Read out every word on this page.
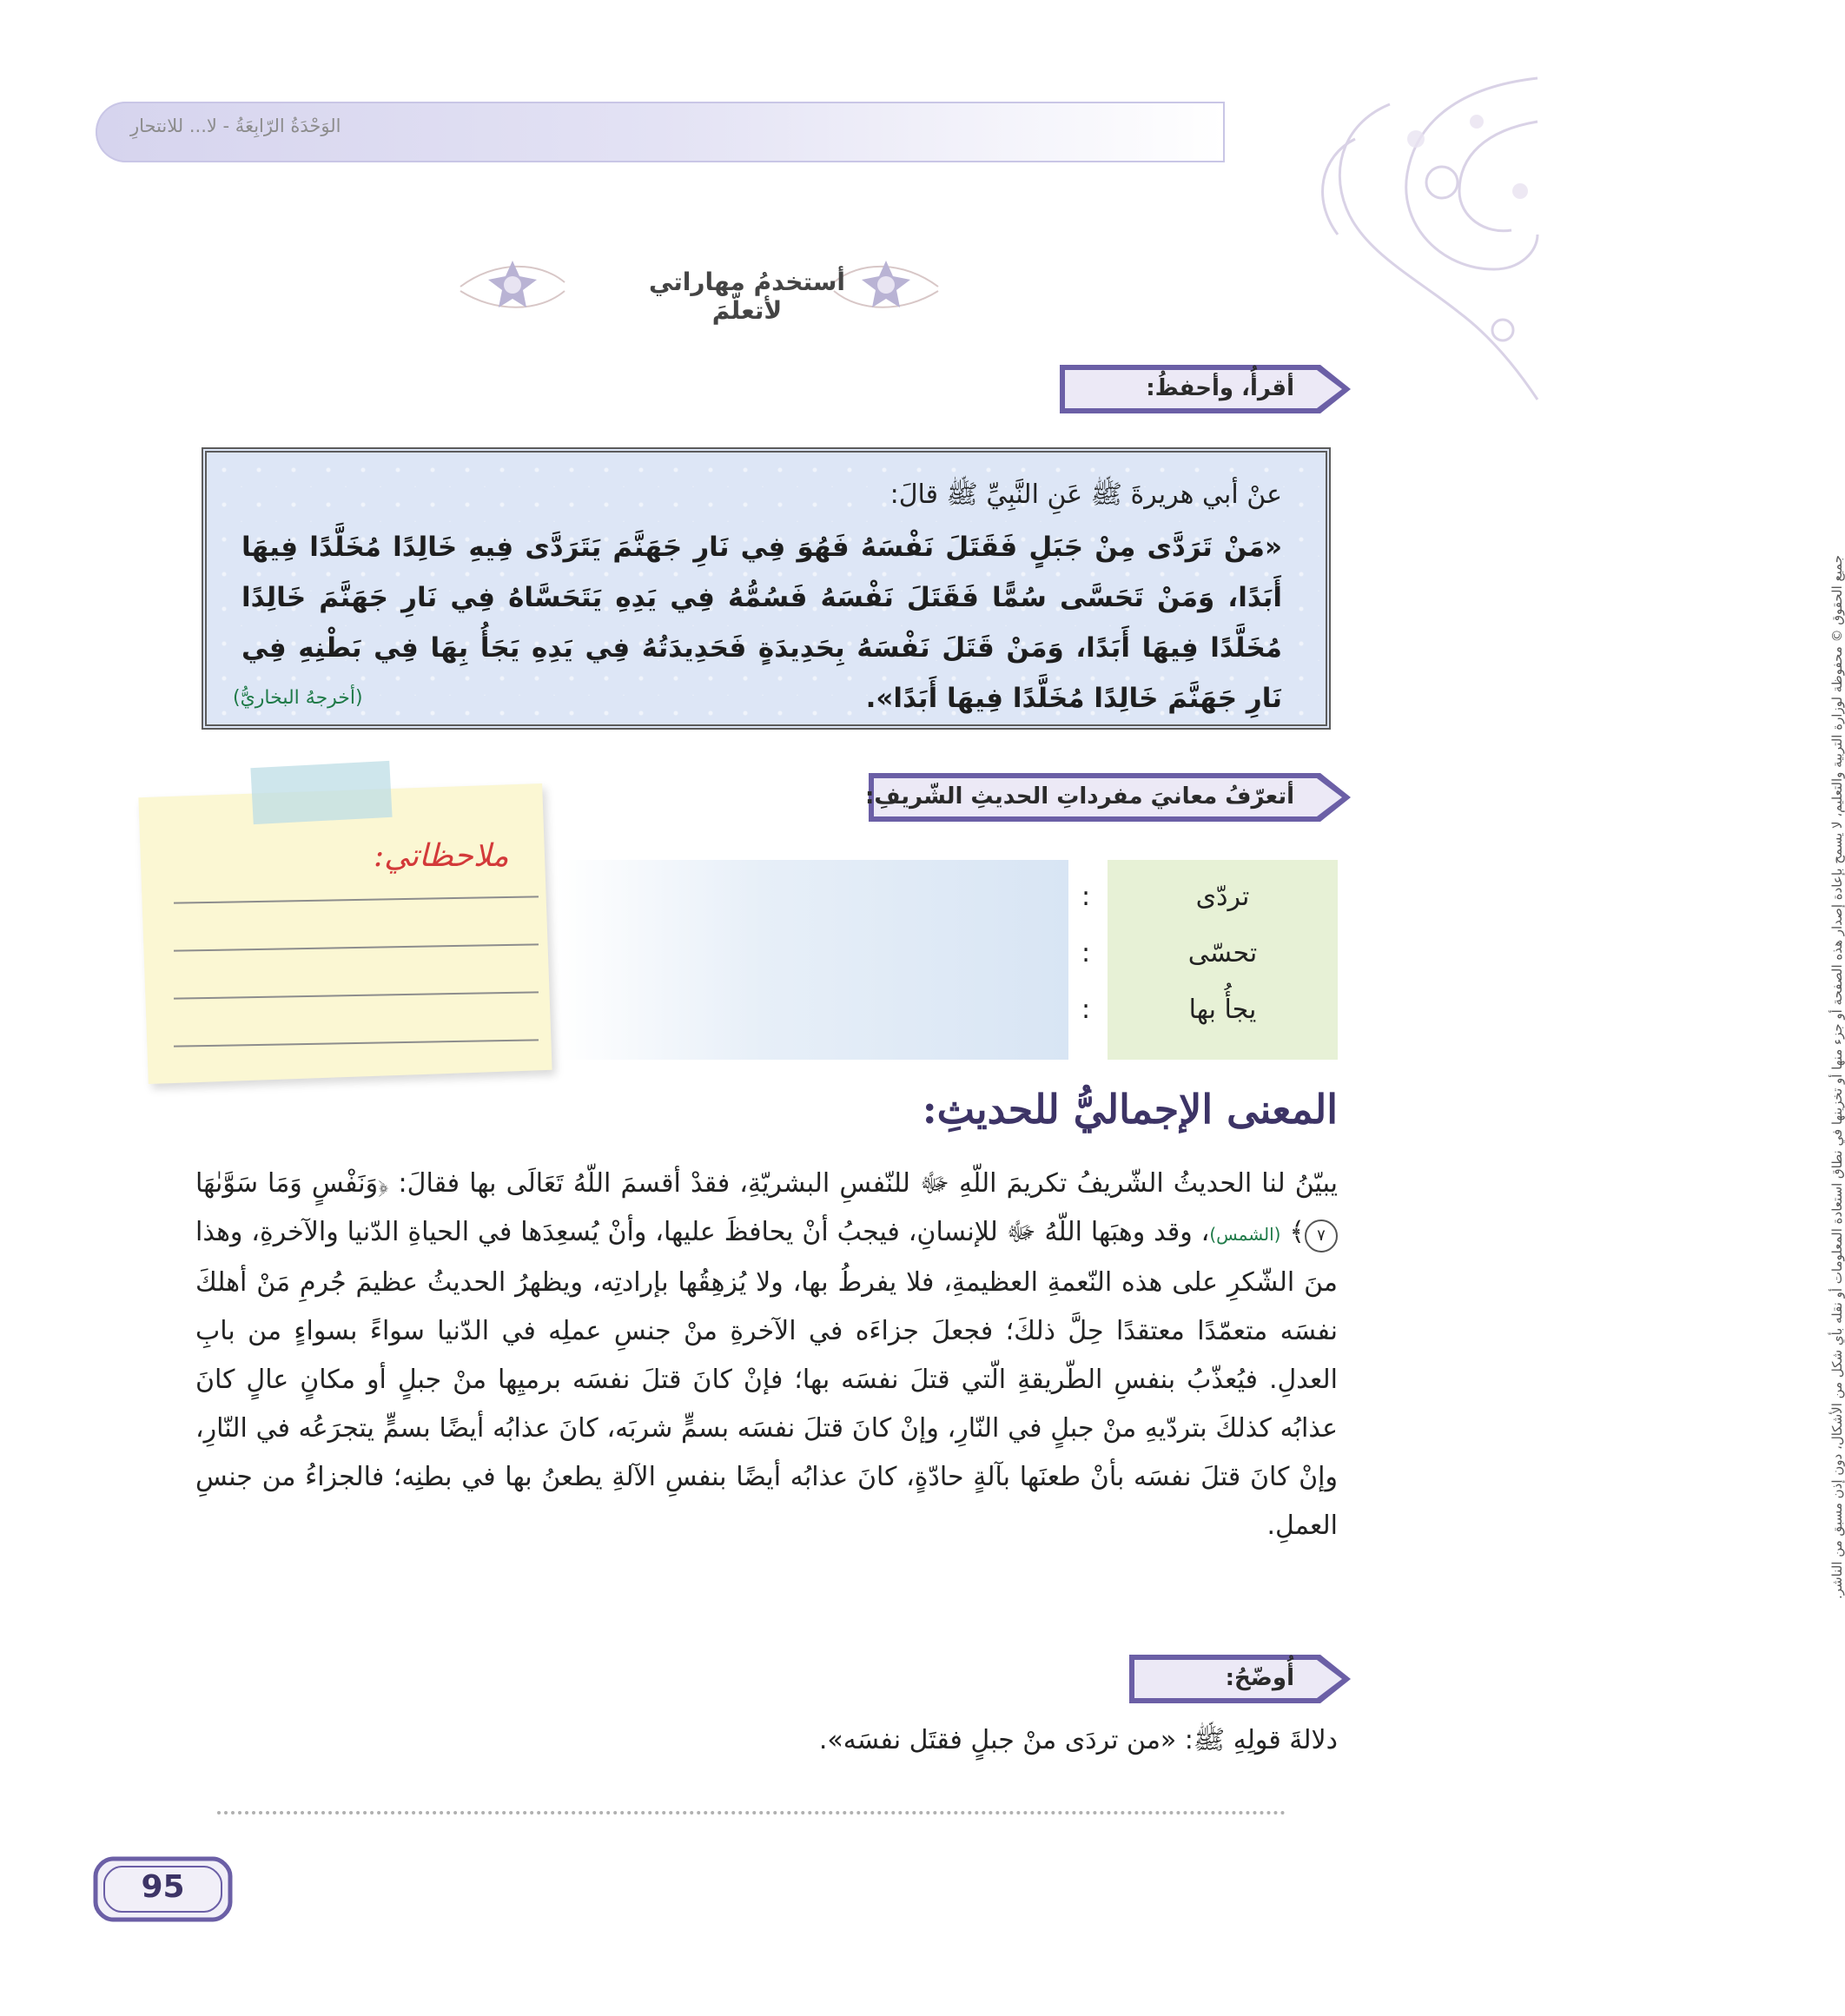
الوَحْدَةُ الرّابِعَةُ - لا... للانتحارِ
أستخدمُ مهاراتي لأتعلّمَ
أقرأُ، وأحفظُ:
عنْ أبي هريرةَ ﷺ عَنِ النَّبِيِّ ﷺ قالَ:
«مَنْ تَرَدَّى مِنْ جَبَلٍ فَقَتَلَ نَفْسَهُ فَهُوَ فِي نَارِ جَهَنَّمَ يَتَرَدَّى فِيهِ خَالِدًا مُخَلَّدًا فِيهَا أَبَدًا، وَمَنْ تَحَسَّى سُمًّا فَقَتَلَ نَفْسَهُ فَسُمُّهُ فِي يَدِهِ يَتَحَسَّاهُ فِي نَارِ جَهَنَّمَ خَالِدًا مُخَلَّدًا فِيهَا أَبَدًا، وَمَنْ قَتَلَ نَفْسَهُ بِحَدِيدَةٍ فَحَدِيدَتُهُ فِي يَدِهِ يَجَأُ بِهَا فِي بَطْنِهِ فِي نَارِ جَهَنَّمَ خَالِدًا مُخَلَّدًا فِيهَا أَبَدًا».
(أخرجهُ البخاريُّ)
أتعرّفُ معانيَ مفرداتِ الحديثِ الشّريفِ:
ملاحظاتي:
تردّى
:
تحسّى
:
يجأُ بها
:
المعنى الإجماليُّ للحديثِ:
يبيّنُ لنا الحديثُ الشّريفُ تكريمَ اللّهِ ﷻ للنّفسِ البشريّةِ، فقدْ أقسمَ اللّهُ تَعَالَى بها فقالَ: ﴿وَنَفْسٍ وَمَا سَوَّىٰهَا ٧﴾ (الشمس)، وقد وهبَها اللّهُ ﷻ للإنسانِ، فيجبُ أنْ يحافظَ عليها، وأنْ يُسعِدَها في الحياةِ الدّنيا والآخرةِ، وهذا منَ الشّكرِ على هذه النّعمةِ العظيمةِ، فلا يفرطُ بها، ولا يُزهِقُها بإرادتِه، ويظهرُ الحديثُ عظيمَ جُرمِ مَنْ أهلكَ نفسَه متعمّدًا معتقدًا حِلَّ ذلكَ؛ فجعلَ جزاءَه في الآخرةِ منْ جنسِ عملِه في الدّنيا سواءً بسواءٍ من بابِ العدلِ. فيُعذّبُ بنفسِ الطّريقةِ الّتي قتلَ نفسَه بها؛ فإنْ كانَ قتلَ نفسَه برميِها منْ جبلٍ أو مكانٍ عالٍ كانَ عذابُه كذلكَ بتردّيهِ منْ جبلٍ في النّارِ، وإنْ كانَ قتلَ نفسَه بسمٍّ شربَه، كانَ عذابُه أيضًا بسمٍّ يتجرَعُه في النّارِ، وإنْ كانَ قتلَ نفسَه بأنْ طعنَها بآلةٍ حادّةٍ، كانَ عذابُه أيضًا بنفسِ الآلةِ يطعنُ بها في بطنِه؛ فالجزاءُ من جنسِ العملِ.
أُوضّحُ:
دلالةَ قولِهِ ﷺ: «من تردَى منْ جبلٍ فقتَل نفسَه».
95
جميع الحقوق © محفوظة لوزارة التربية والتعليم، لا يسمح بإعادة إصدار هذه الصفحة أو جزء منها أو تخزينها في نطاق استعادة المعلومات أو نقله بأي شكل من الأشكال، دون إذن مسبق من الناشر.
